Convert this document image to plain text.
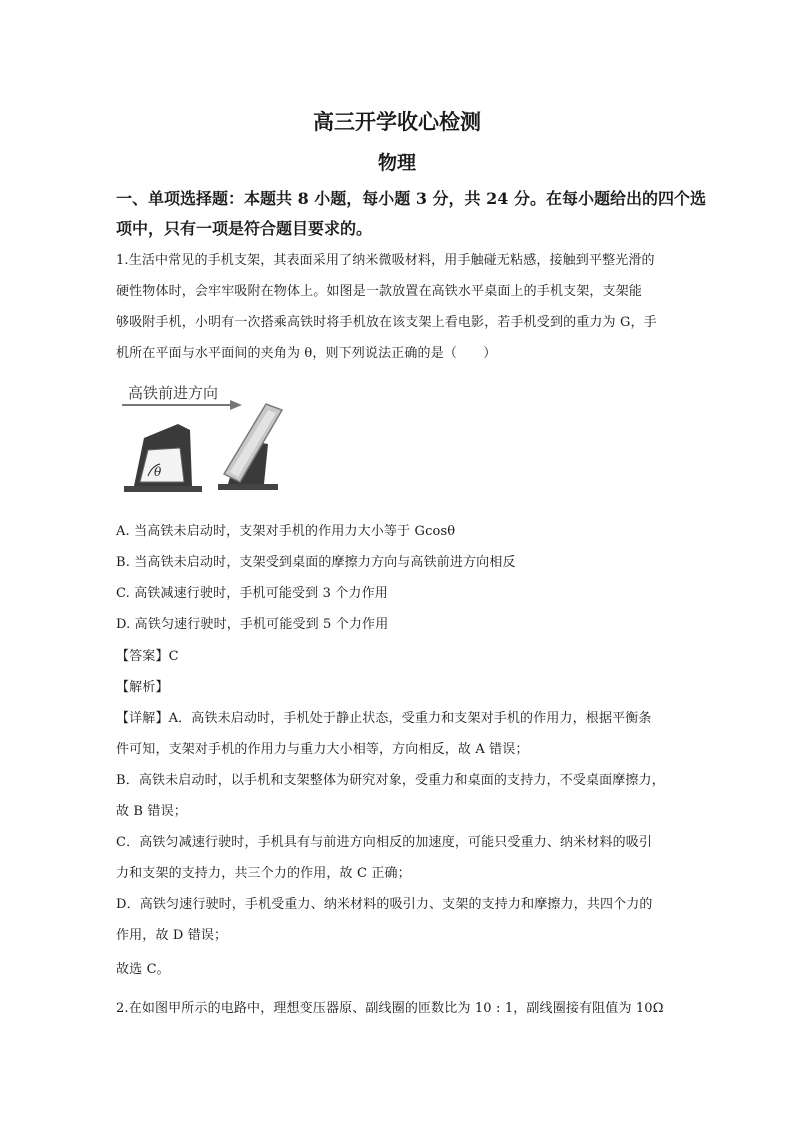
高三开学收心检测
物理
一、单项选择题：本题共 8 小题，每小题 3 分，共 24 分。在每小题给出的四个选
项中，只有一项是符合题目要求的。
1.生活中常见的手机支架，其表面采用了纳米微吸材料，用手触碰无粘感，接触到平整光滑的
硬性物体时，会牢牢吸附在物体上。如图是一款放置在高铁水平桌面上的手机支架，支架能
够吸附手机，小明有一次搭乘高铁时将手机放在该支架上看电影，若手机受到的重力为 G，手
机所在平面与水平面间的夹角为 θ，则下列说法正确的是（　　）
高铁前进方向
θ
A. 当高铁未启动时，支架对手机的作用力大小等于 Gcosθ
B. 当高铁未启动时，支架受到桌面的摩擦力方向与高铁前进方向相反
C. 高铁减速行驶时，手机可能受到 3 个力作用
D. 高铁匀速行驶时，手机可能受到 5 个力作用
【答案】C
【解析】
【详解】A．高铁未启动时，手机处于静止状态，受重力和支架对手机的作用力，根据平衡条
件可知，支架对手机的作用力与重力大小相等，方向相反，故 A 错误；
B．高铁未启动时，以手机和支架整体为研究对象，受重力和桌面的支持力，不受桌面摩擦力，
故 B 错误；
C．高铁匀减速行驶时，手机具有与前进方向相反的加速度，可能只受重力、纳米材料的吸引
力和支架的支持力，共三个力的作用，故 C 正确；
D．高铁匀速行驶时，手机受重力、纳米材料的吸引力、支架的支持力和摩擦力，共四个力的
作用，故 D 错误；
故选 C。
2.在如图甲所示的电路中，理想变压器原、副线圈的匝数比为 10 : 1，副线圈接有阻值为 10Ω
